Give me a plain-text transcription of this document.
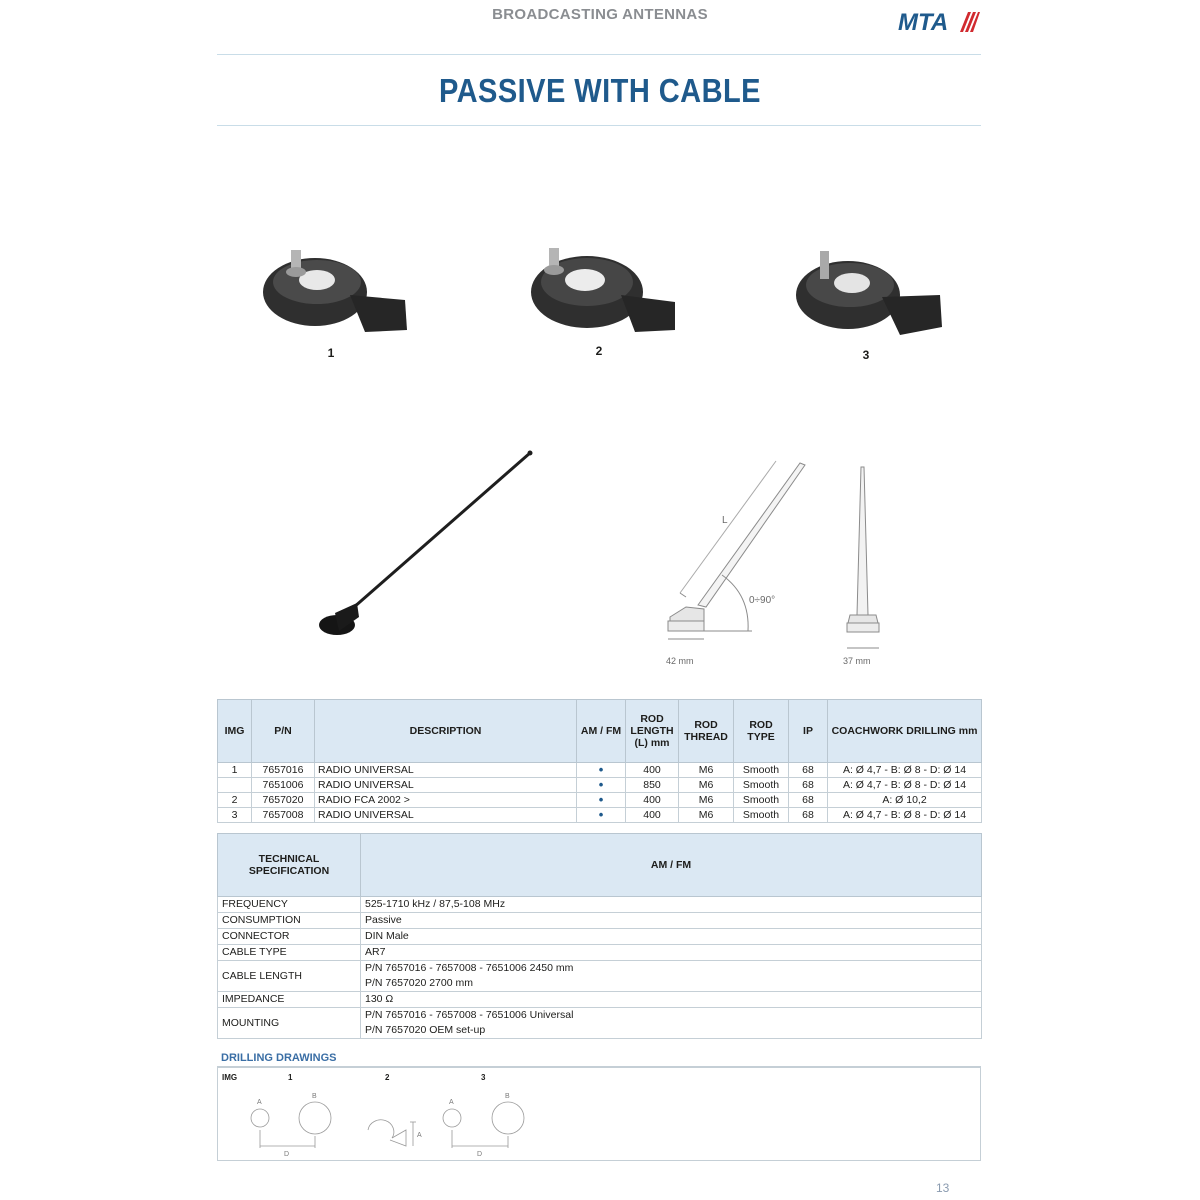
BROADCASTING ANTENNAS	MTA
PASSIVE WITH CABLE
1	2	3
L
0÷90°
42 mm	37 mm
IMG	P/N	DESCRIPTION	AM / FM	ROD LENGTH (L) mm	ROD THREAD	ROD TYPE	IP	COACHWORK DRILLING mm
1	7657016	RADIO UNIVERSAL	•	400	M6	Smooth	68	A: Ø 4,7 - B: Ø 8 - D: Ø 14
	7651006	RADIO UNIVERSAL	•	850	M6	Smooth	68	A: Ø 4,7 - B: Ø 8 - D: Ø 14
2	7657020	RADIO FCA 2002 >	•	400	M6	Smooth	68	A: Ø 10,2
3	7657008	RADIO UNIVERSAL	•	400	M6	Smooth	68	A: Ø 4,7 - B: Ø 8 - D: Ø 14
TECHNICAL SPECIFICATION	AM / FM
FREQUENCY	525-1710 kHz / 87,5-108 MHz
CONSUMPTION	Passive
CONNECTOR	DIN Male
CABLE TYPE	AR7
CABLE LENGTH	P/N 7657016 - 7657008 - 7651006 2450 mm
P/N 7657020 2700 mm

IMPEDANCE	130 Ω
MOUNTING	P/N 7657016 - 7657008 - 7651006 Universal
P/N 7657020 OEM set-up
DRILLING DRAWINGS
IMG	1	2	3
A
B
D
A
A
B
D
13
